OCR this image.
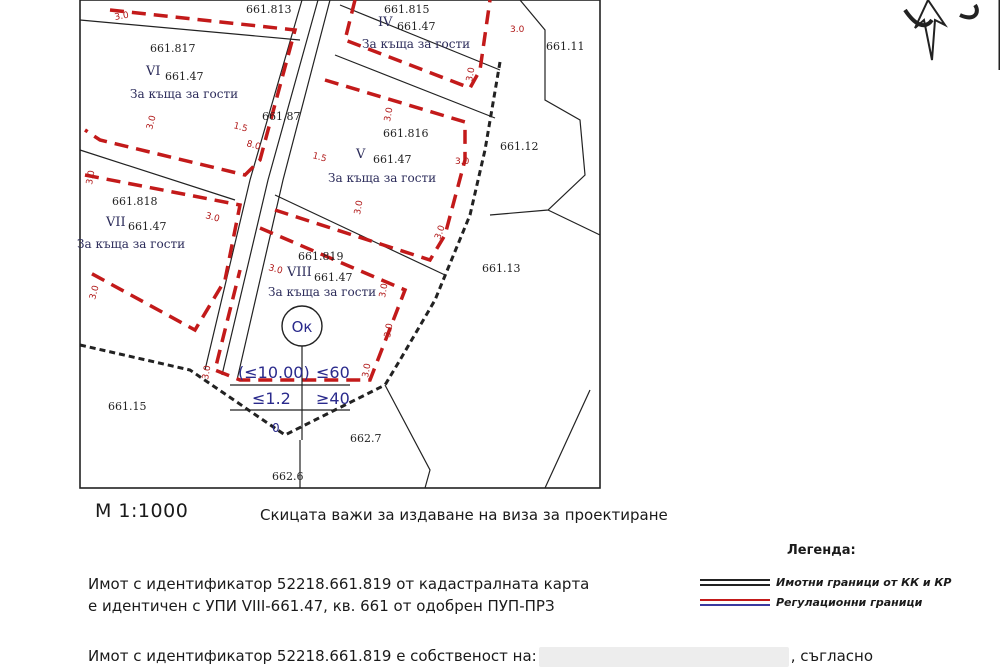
3.0
3.0
3.0	1.5
1.5
3.0
3.0
3.0
3.0
3.0
3.0
3.0
3.0	3.0
3.0
3.0	3.0
3.0
8.0
661.813
661.11
661.12
661.13
661.15
662.7
662.6
661.87
661.817
VI 661.47
За къща за гости
661.815
IV 661.47
За къща за гости
661.816
V 661.47
За къща за гости
661.818
VII 661.47
За къща за гости
661.819
VIII 661.47
За къща за гости
Ок
(≤10.00) ≤60
≤1.2 ≥40
0
М 1:1000	Скицата важи за издаване на виза за проектиране
Легенда:
Имотни граници от КК и КР
Регулационни граници
Имот с идентификатор 52218.661.819 от кадастралната карта
е идентичен с УПИ VIII-661.47, кв. 661 от одобрен ПУП-ПРЗ
Имот с идентификатор 52218.661.819 е собственост на:	, съгласно
